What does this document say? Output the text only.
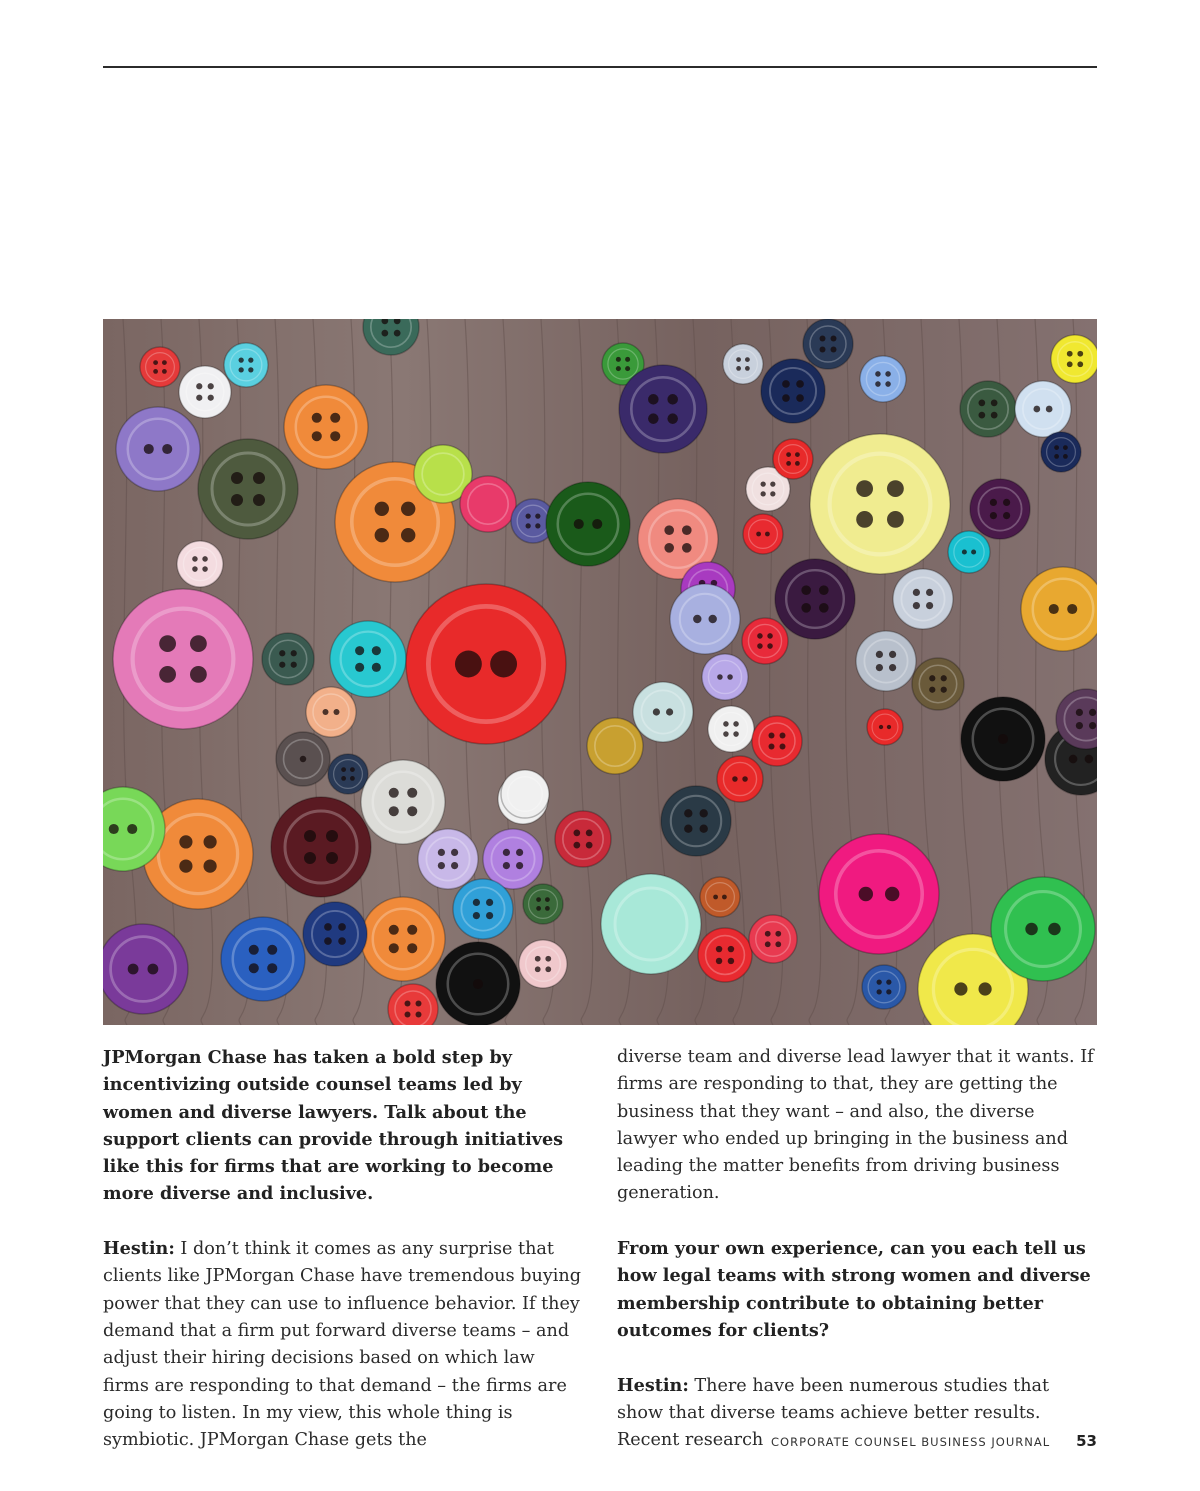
JPMorgan Chase has taken a bold step by incentivizing outside counsel teams led by women and diverse lawyers. Talk about the support clients can provide through initiatives like this for firms that are working to become more diverse and inclusive.

Hestin: I don’t think it comes as any surprise that clients like JPMorgan Chase have tremendous buying power that they can use to influence behavior. If they demand that a firm put forward diverse teams – and adjust their hiring decisions based on which law firms are responding to that demand – the firms are going to listen. In my view, this whole thing is symbiotic. JPMorgan Chase gets the

diverse team and diverse lead lawyer that it wants. If firms are responding to that, they are getting the business that they want – and also, the diverse lawyer who ended up bringing in the business and leading the matter benefits from driving business generation.

From your own experience, can you each tell us how legal teams with strong women and diverse membership contribute to obtaining better outcomes for clients?

Hestin: There have been numerous studies that show that diverse teams achieve better results. Recent research CORPORATE COUNSEL BUSINESS JOURNAL 53
